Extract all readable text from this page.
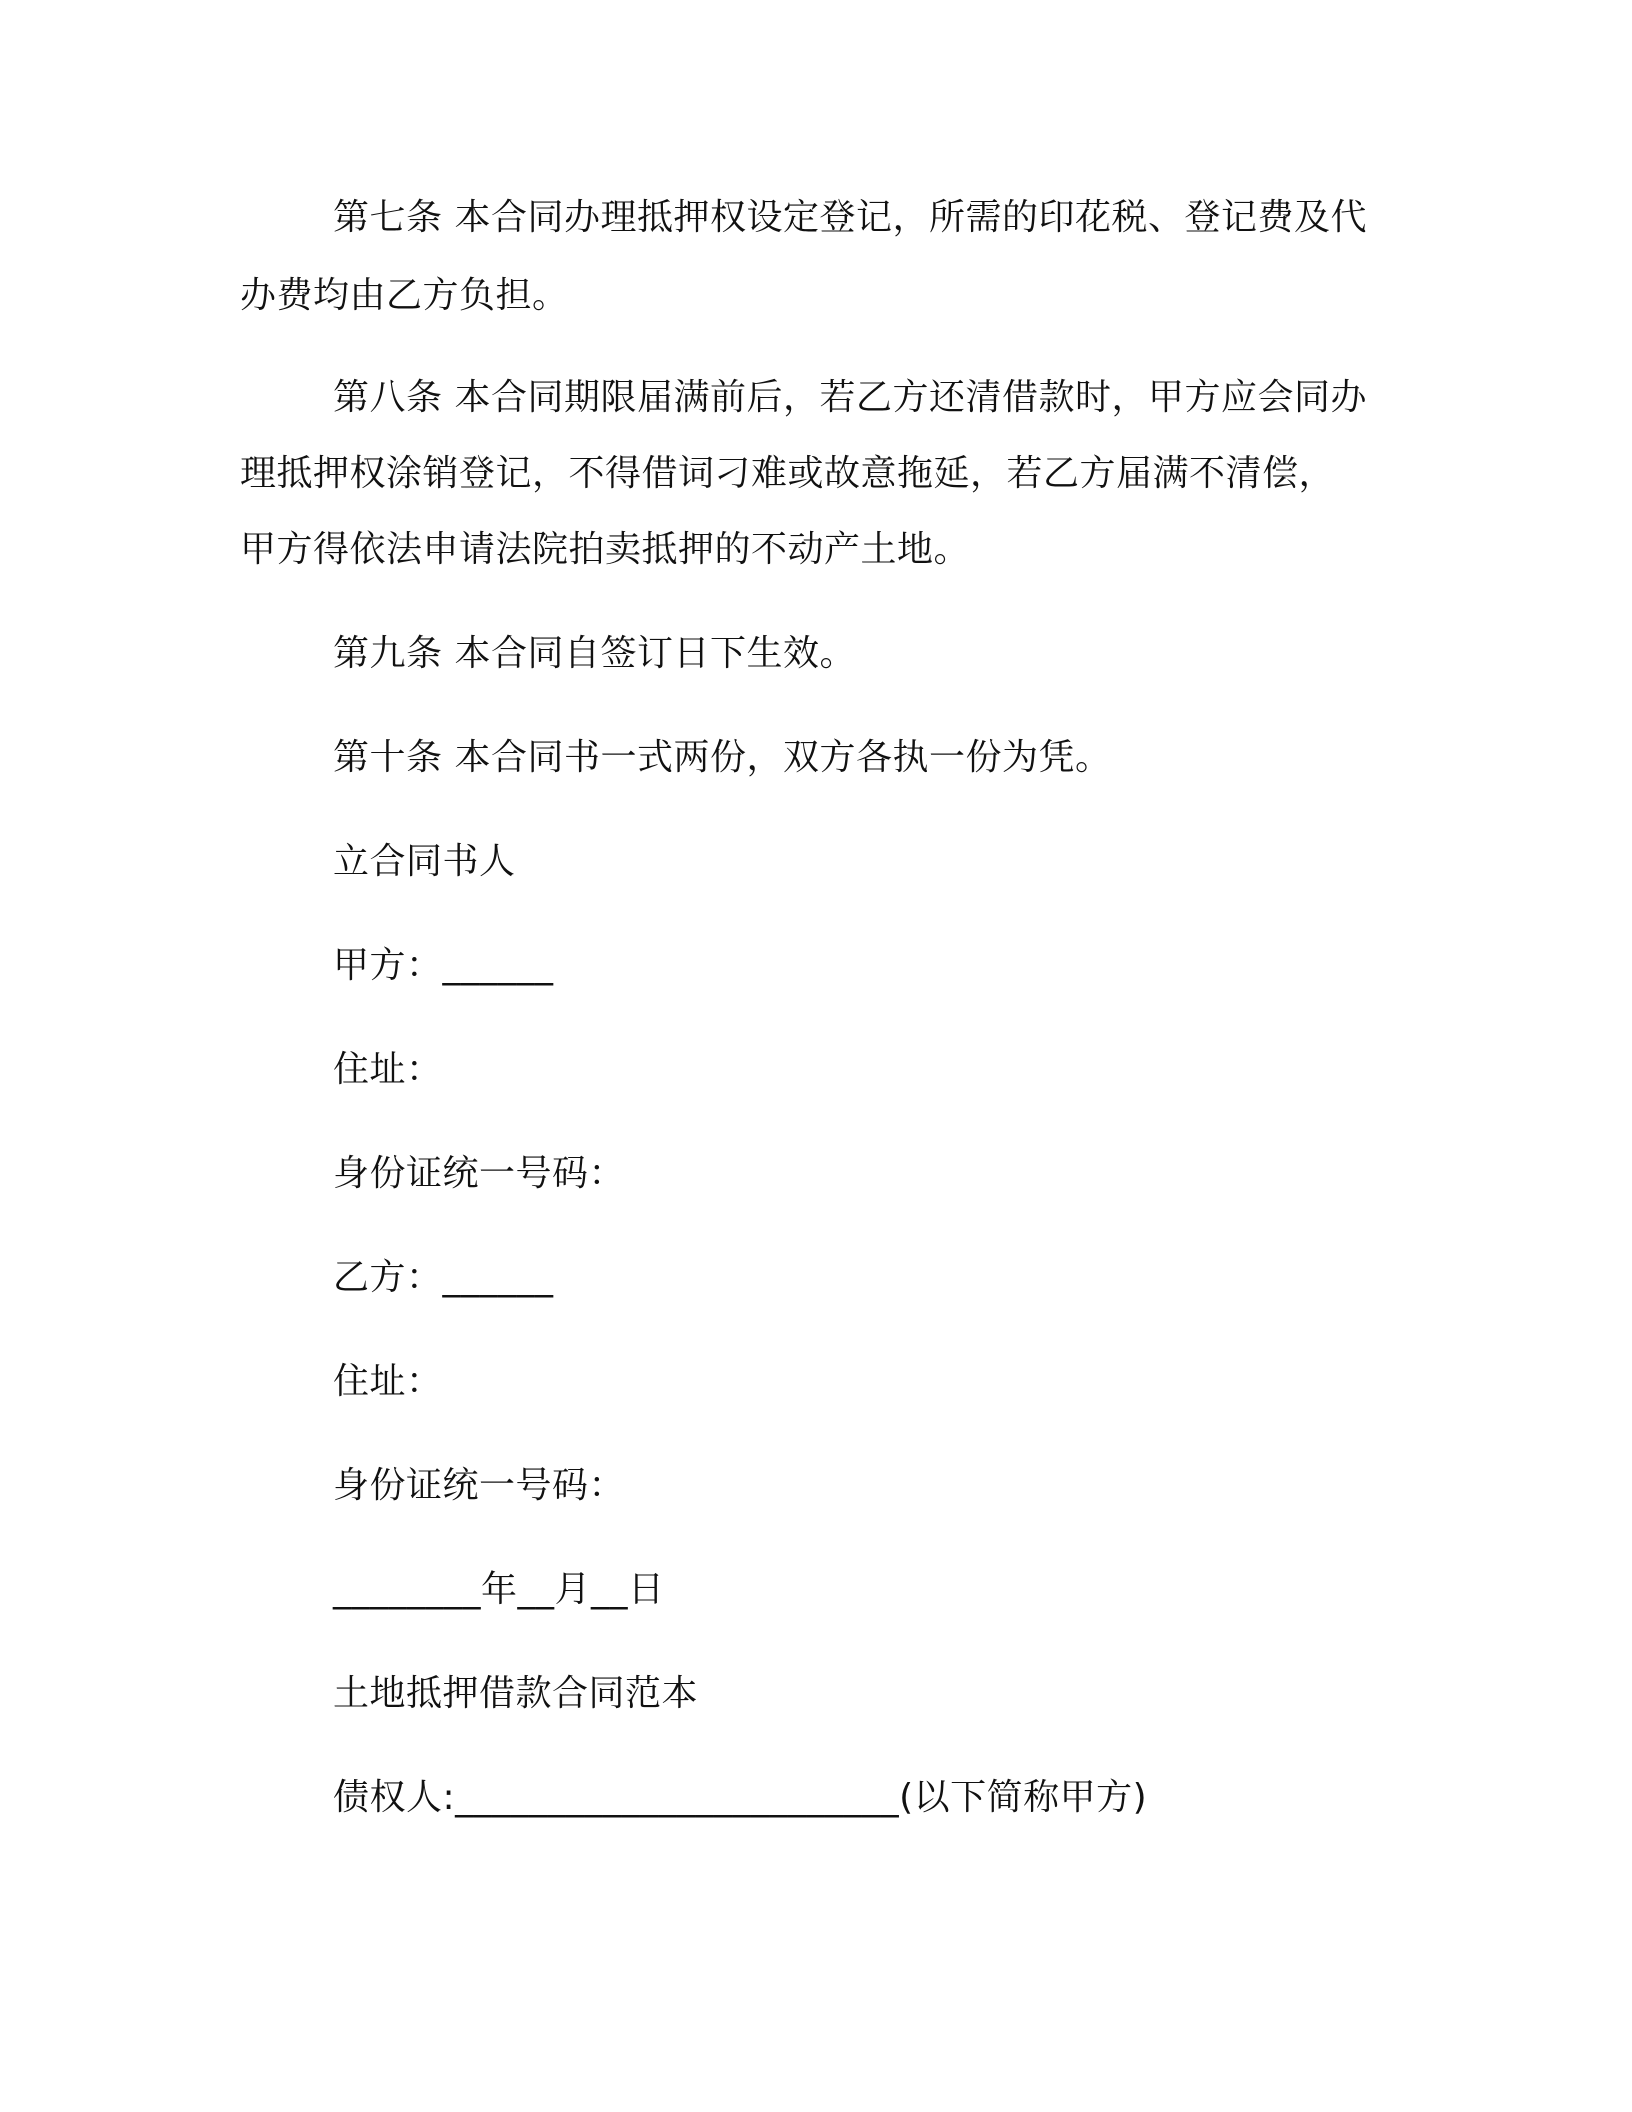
第七条 本合同办理抵押权设定登记，所需的印花税、登记费及代
办费均由乙方负担。
第八条 本合同期限届满前后，若乙方还清借款时，甲方应会同办
理抵押权涂销登记，不得借词刁难或故意拖延，若乙方届满不清偿，
甲方得依法申请法院拍卖抵押的不动产土地。
第九条 本合同自签订日下生效。
第十条 本合同书一式两份，双方各执一份为凭。
立合同书人
甲方：______
住址：
身份证统一号码：
乙方：______
住址：
身份证统一号码：
________年__月__日
土地抵押借款合同范本
债权人:________________________(以下简称甲方)
